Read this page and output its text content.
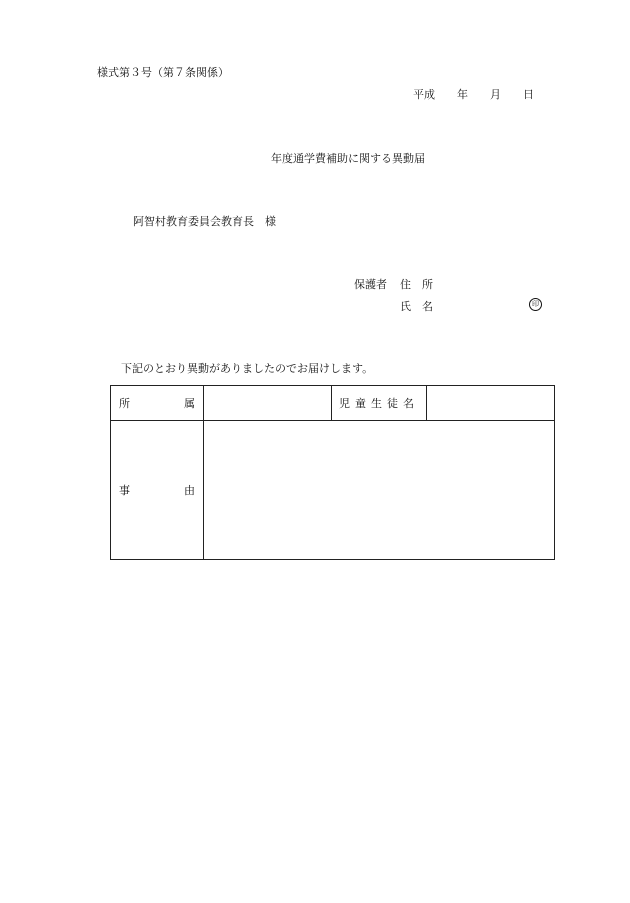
様式第３号（第７条関係）
平成　　年　　月　　日
年度通学費補助に関する異動届
阿智村教育委員会教育長　様
保護者 住　所
氏　名	印
下記のとおり異動がありましたのでお届けします。
所 属		児童生徒名	

事 由			
